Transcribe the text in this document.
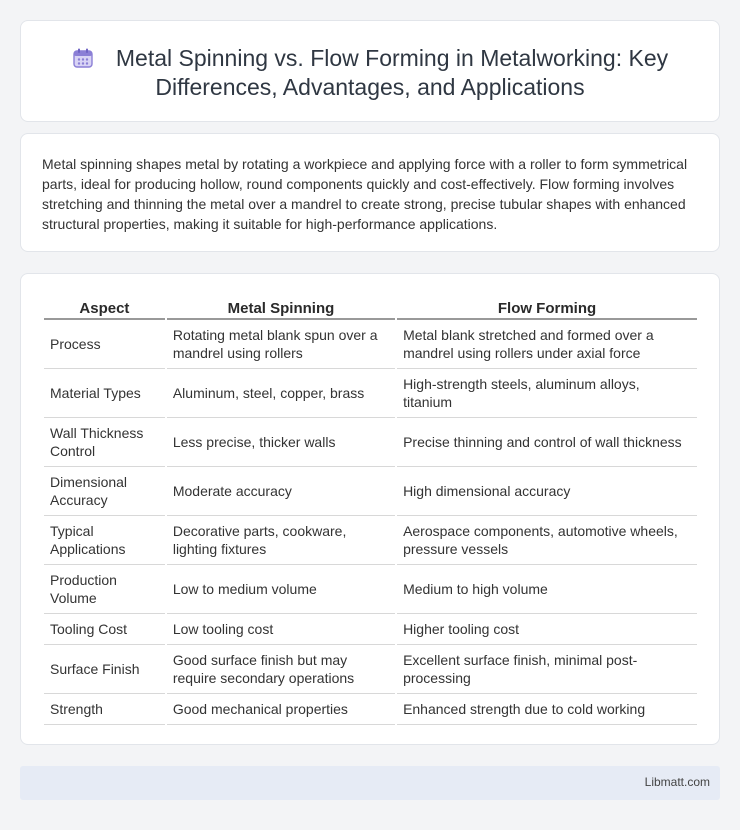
Metal Spinning vs. Flow Forming in Metalworking: Key Differences, Advantages, and Applications

Metal spinning shapes metal by rotating a workpiece and applying force with a roller to form symmetrical parts, ideal for producing hollow, round components quickly and cost-effectively. Flow forming involves stretching and thinning the metal over a mandrel to create strong, precise tubular shapes with enhanced structural properties, making it suitable for high-performance applications.

Aspect	Metal Spinning	Flow Forming
Process	Rotating metal blank spun over a mandrel using rollers	Metal blank stretched and formed over a mandrel using rollers under axial force
Material Types	Aluminum, steel, copper, brass	High-strength steels, aluminum alloys, titanium
Wall Thickness Control	Less precise, thicker walls	Precise thinning and control of wall thickness
Dimensional Accuracy	Moderate accuracy	High dimensional accuracy
Typical Applications	Decorative parts, cookware, lighting fixtures	Aerospace components, automotive wheels, pressure vessels
Production Volume	Low to medium volume	Medium to high volume
Tooling Cost	Low tooling cost	Higher tooling cost
Surface Finish	Good surface finish but may require secondary operations	Excellent surface finish, minimal post-processing
Strength	Good mechanical properties	Enhanced strength due to cold working
Libmatt.com
